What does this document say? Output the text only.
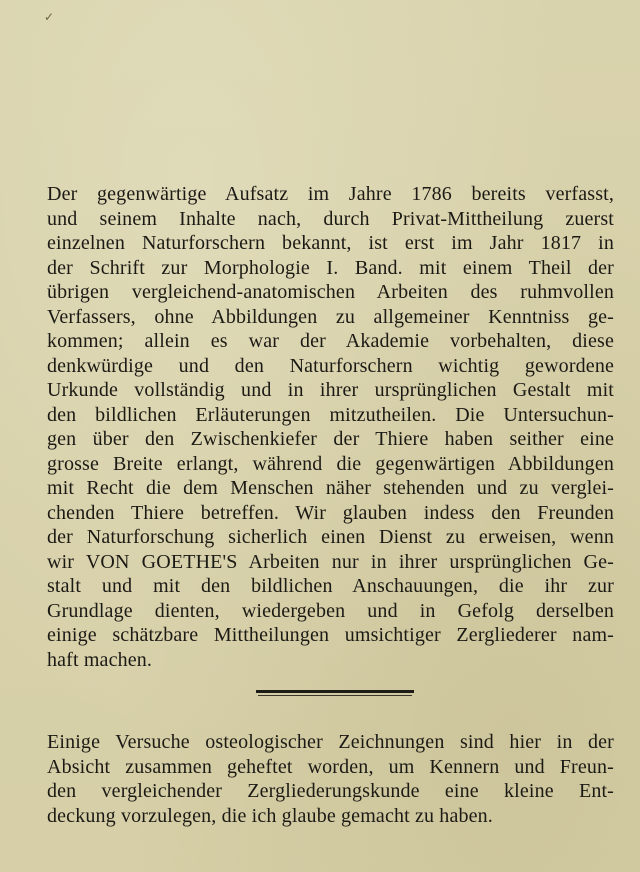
✓
Der gegenwärtige Aufsatz im Jahre 1786 bereits verfasst,
und seinem Inhalte nach, durch Privat-Mittheilung zuerst
einzelnen Naturforschern bekannt, ist erst im Jahr 1817 in
der Schrift zur Morphologie I. Band. mit einem Theil der
übrigen vergleichend-anatomischen Arbeiten des ruhmvollen
Verfassers, ohne Abbildungen zu allgemeiner Kenntniss ge-
kommen; allein es war der Akademie vorbehalten, diese
denkwürdige und den Naturforschern wichtig gewordene
Urkunde vollständig und in ihrer ursprünglichen Gestalt mit
den bildlichen Erläuterungen mitzutheilen. Die Untersuchun-
gen über den Zwischenkiefer der Thiere haben seither eine
grosse Breite erlangt, während die gegenwärtigen Abbildungen
mit Recht die dem Menschen näher stehenden und zu verglei-
chenden Thiere betreffen. Wir glauben indess den Freunden
der Naturforschung sicherlich einen Dienst zu erweisen, wenn
wir VON GOETHE'S Arbeiten nur in ihrer ursprünglichen Ge-
stalt und mit den bildlichen Anschauungen, die ihr zur
Grundlage dienten, wiedergeben und in Gefolg derselben
einige schätzbare Mittheilungen umsichtiger Zergliederer nam-
haft machen.
Einige Versuche osteologischer Zeichnungen sind hier in der
Absicht zusammen geheftet worden, um Kennern und Freun-
den vergleichender Zergliederungskunde eine kleine Ent-
deckung vorzulegen, die ich glaube gemacht zu haben.
